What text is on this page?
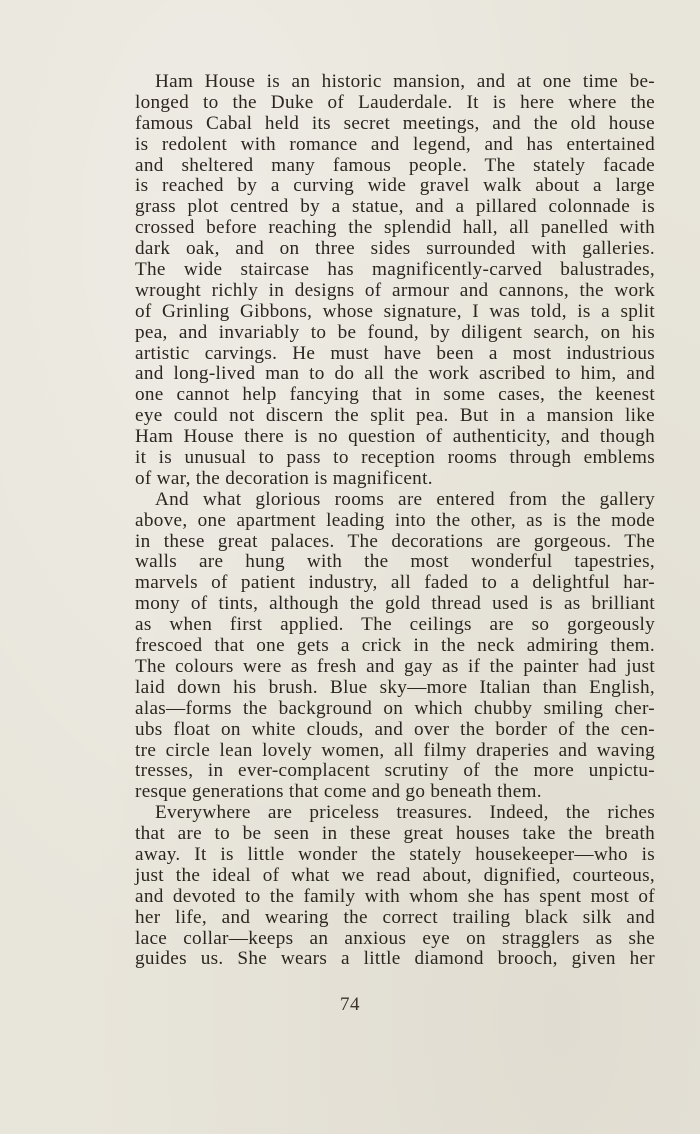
Ham House is an historic mansion, and at one time be-
longed to the Duke of Lauderdale. It is here where the
famous Cabal held its secret meetings, and the old house
is redolent with romance and legend, and has entertained
and sheltered many famous people. The stately facade
is reached by a curving wide gravel walk about a large
grass plot centred by a statue, and a pillared colonnade is
crossed before reaching the splendid hall, all panelled with
dark oak, and on three sides surrounded with galleries.
The wide staircase has magnificently-carved balustrades,
wrought richly in designs of armour and cannons, the work
of Grinling Gibbons, whose signature, I was told, is a split
pea, and invariably to be found, by diligent search, on his
artistic carvings. He must have been a most industrious
and long-lived man to do all the work ascribed to him, and
one cannot help fancying that in some cases, the keenest
eye could not discern the split pea. But in a mansion like
Ham House there is no question of authenticity, and though
it is unusual to pass to reception rooms through emblems
of war, the decoration is magnificent.
And what glorious rooms are entered from the gallery
above, one apartment leading into the other, as is the mode
in these great palaces. The decorations are gorgeous. The
walls are hung with the most wonderful tapestries,
marvels of patient industry, all faded to a delightful har-
mony of tints, although the gold thread used is as brilliant
as when first applied. The ceilings are so gorgeously
frescoed that one gets a crick in the neck admiring them.
The colours were as fresh and gay as if the painter had just
laid down his brush. Blue sky—more Italian than English,
alas—forms the background on which chubby smiling cher-
ubs float on white clouds, and over the border of the cen-
tre circle lean lovely women, all filmy draperies and waving
tresses, in ever-complacent scrutiny of the more unpictu-
resque generations that come and go beneath them.
Everywhere are priceless treasures. Indeed, the riches
that are to be seen in these great houses take the breath
away. It is little wonder the stately housekeeper—who is
just the ideal of what we read about, dignified, courteous,
and devoted to the family with whom she has spent most of
her life, and wearing the correct trailing black silk and
lace collar—keeps an anxious eye on stragglers as she
guides us. She wears a little diamond brooch, given her
74
